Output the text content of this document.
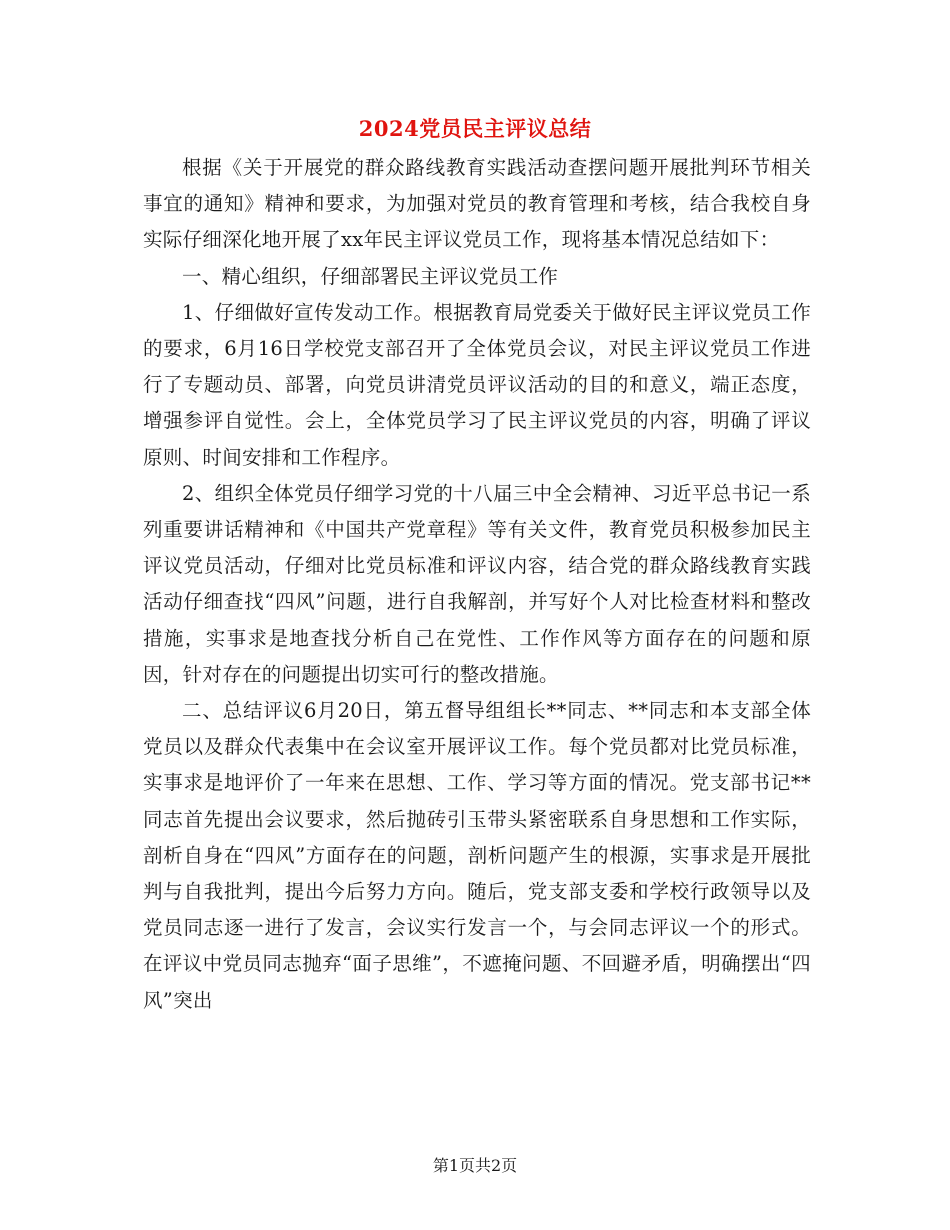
2024党员民主评议总结

根据《关于开展党的群众路线教育实践活动查摆问题开展批判环节相关事宜的通知》精神和要求，为加强对党员的教育管理和考核，结合我校自身实际仔细深化地开展了xx年民主评议党员工作，现将基本情况总结如下：

一、精心组织，仔细部署民主评议党员工作

1、仔细做好宣传发动工作。根据教育局党委关于做好民主评议党员工作的要求，6月16日学校党支部召开了全体党员会议，对民主评议党员工作进行了专题动员、部署，向党员讲清党员评议活动的目的和意义，端正态度，增强参评自觉性。会上，全体党员学习了民主评议党员的内容，明确了评议原则、时间安排和工作程序。

2、组织全体党员仔细学习党的十八届三中全会精神、习近平总书记一系列重要讲话精神和《中国共产党章程》等有关文件，教育党员积极参加民主评议党员活动，仔细对比党员标准和评议内容，结合党的群众路线教育实践活动仔细查找“四风”问题，进行自我解剖，并写好个人对比检查材料和整改措施，实事求是地查找分析自己在党性、工作作风等方面存在的问题和原因，针对存在的问题提出切实可行的整改措施。

二、总结评议6月20日，第五督导组组长**同志、**同志和本支部全体党员以及群众代表集中在会议室开展评议工作。每个党员都对比党员标准，实事求是地评价了一年来在思想、工作、学习等方面的情况。党支部书记**同志首先提出会议要求，然后抛砖引玉带头紧密联系自身思想和工作实际，剖析自身在“四风”方面存在的问题，剖析问题产生的根源，实事求是开展批判与自我批判，提出今后努力方向。随后，党支部支委和学校行政领导以及党员同志逐一进行了发言，会议实行发言一个，与会同志评议一个的形式。在评议中党员同志抛弃“面子思维”，不遮掩问题、不回避矛盾，明确摆出“四风”突出

第1页共2页
